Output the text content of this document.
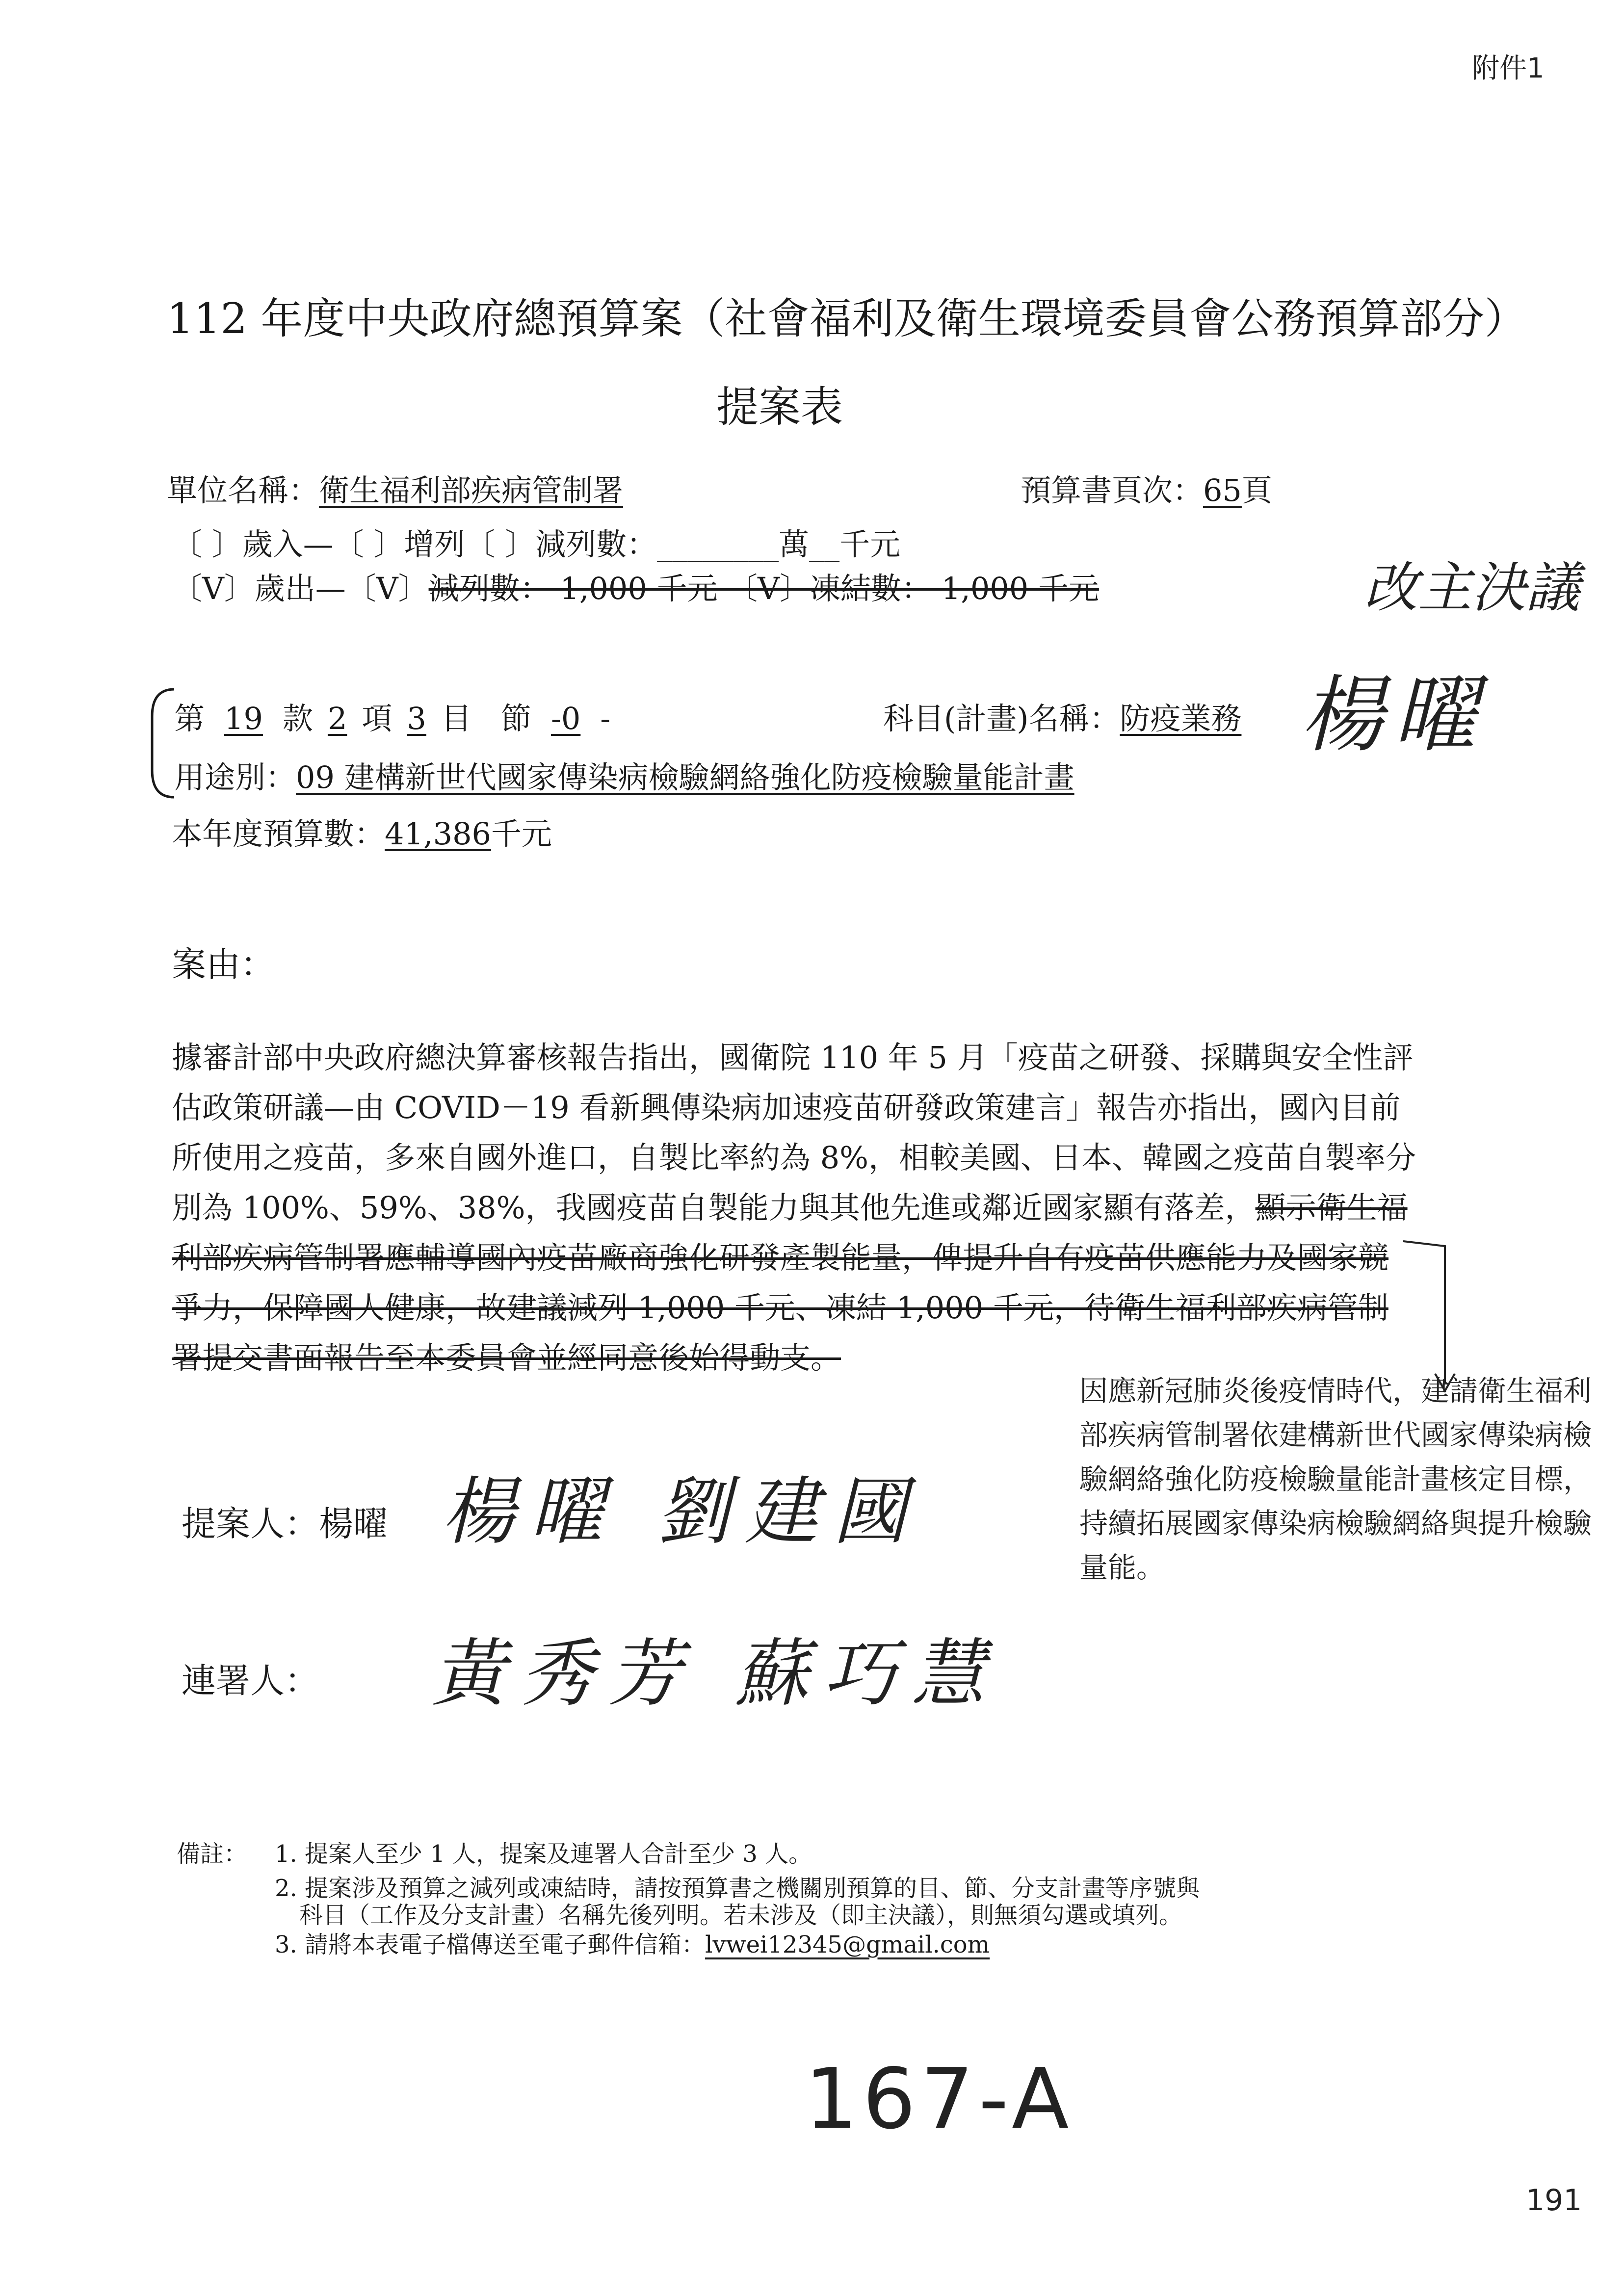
附件1
112 年度中央政府總預算案（社會福利及衛生環境委員會公務預算部分）
提案表
單位名稱：衛生福利部疾病管制署	預算書頁次：65頁
〔 〕歲入—〔 〕增列〔 〕減列數：________萬__千元
〔V〕歲出—〔V〕減列數： 1,000 千元 〔V〕凍結數： 1,000 千元	改主決議
楊曜
第 19 款 2 項 3 目 節 -0 -	科目(計畫)名稱：防疫業務
用途別：09 建構新世代國家傳染病檢驗網絡強化防疫檢驗量能計畫
本年度預算數：41,386千元
案由：
據審計部中央政府總決算審核報告指出，國衛院 110 年 5 月「疫苗之研發、採購與安全性評估政策研議—由 COVID－19 看新興傳染病加速疫苗研發政策建言」報告亦指出，國內目前所使用之疫苗，多來自國外進口，自製比率約為 8%，相較美國、日本、韓國之疫苗自製率分別為 100%、59%、38%，我國疫苗自製能力與其他先進或鄰近國家顯有落差，顯示衛生福利部疾病管制署應輔導國內疫苗廠商強化研發產製能量，俾提升自有疫苗供應能力及國家競爭力，保障國人健康，故建議減列 1,000 千元、凍結 1,000 千元，待衛生福利部疾病管制署提交書面報告至本委員會並經同意後始得動支。
因應新冠肺炎後疫情時代，建請衛生福利部疾病管制署依建構新世代國家傳染病檢驗網絡強化防疫檢驗量能計畫核定目標，持續拓展國家傳染病檢驗網絡與提升檢驗量能。
提案人：楊曜 楊曜 劉建國
連署人： 黃秀芳 蘇巧慧
備註： 1. 提案人至少 1 人，提案及連署人合計至少 3 人。
2. 提案涉及預算之減列或凍結時，請按預算書之機關別預算的目、節、分支計畫等序號與
科目（工作及分支計畫）名稱先後列明。若未涉及（即主決議），則無須勾選或填列。
3. 請將本表電子檔傳送至電子郵件信箱：lvwei12345@gmail.com
167-A
191
